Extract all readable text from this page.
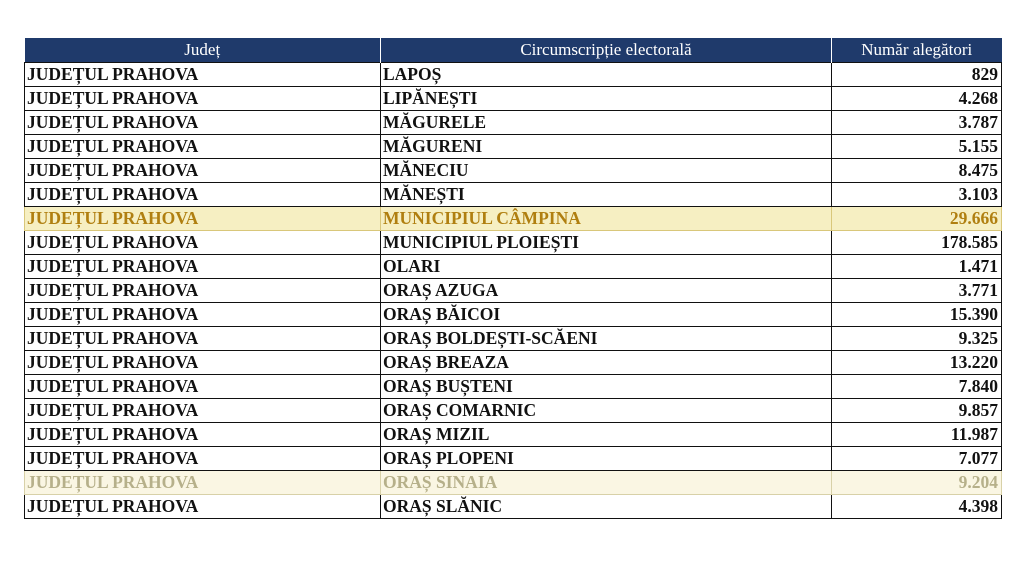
Județ	Circumscripție electorală	Număr alegători
JUDEȚUL PRAHOVA	LAPOȘ	829
JUDEȚUL PRAHOVA	LIPĂNEȘTI	4.268
JUDEȚUL PRAHOVA	MĂGURELE	3.787
JUDEȚUL PRAHOVA	MĂGURENI	5.155
JUDEȚUL PRAHOVA	MĂNECIU	8.475
JUDEȚUL PRAHOVA	MĂNEȘTI	3.103
JUDEȚUL PRAHOVA	MUNICIPIUL CÂMPINA	29.666
JUDEȚUL PRAHOVA	MUNICIPIUL PLOIEȘTI	178.585
JUDEȚUL PRAHOVA	OLARI	1.471
JUDEȚUL PRAHOVA	ORAȘ AZUGA	3.771
JUDEȚUL PRAHOVA	ORAȘ BĂICOI	15.390
JUDEȚUL PRAHOVA	ORAȘ BOLDEȘTI-SCĂENI	9.325
JUDEȚUL PRAHOVA	ORAȘ BREAZA	13.220
JUDEȚUL PRAHOVA	ORAȘ BUȘTENI	7.840
JUDEȚUL PRAHOVA	ORAȘ COMARNIC	9.857
JUDEȚUL PRAHOVA	ORAȘ MIZIL	11.987
JUDEȚUL PRAHOVA	ORAȘ PLOPENI	7.077
JUDEȚUL PRAHOVA	ORAȘ SINAIA	9.204
JUDEȚUL PRAHOVA	ORAȘ SLĂNIC	4.398
